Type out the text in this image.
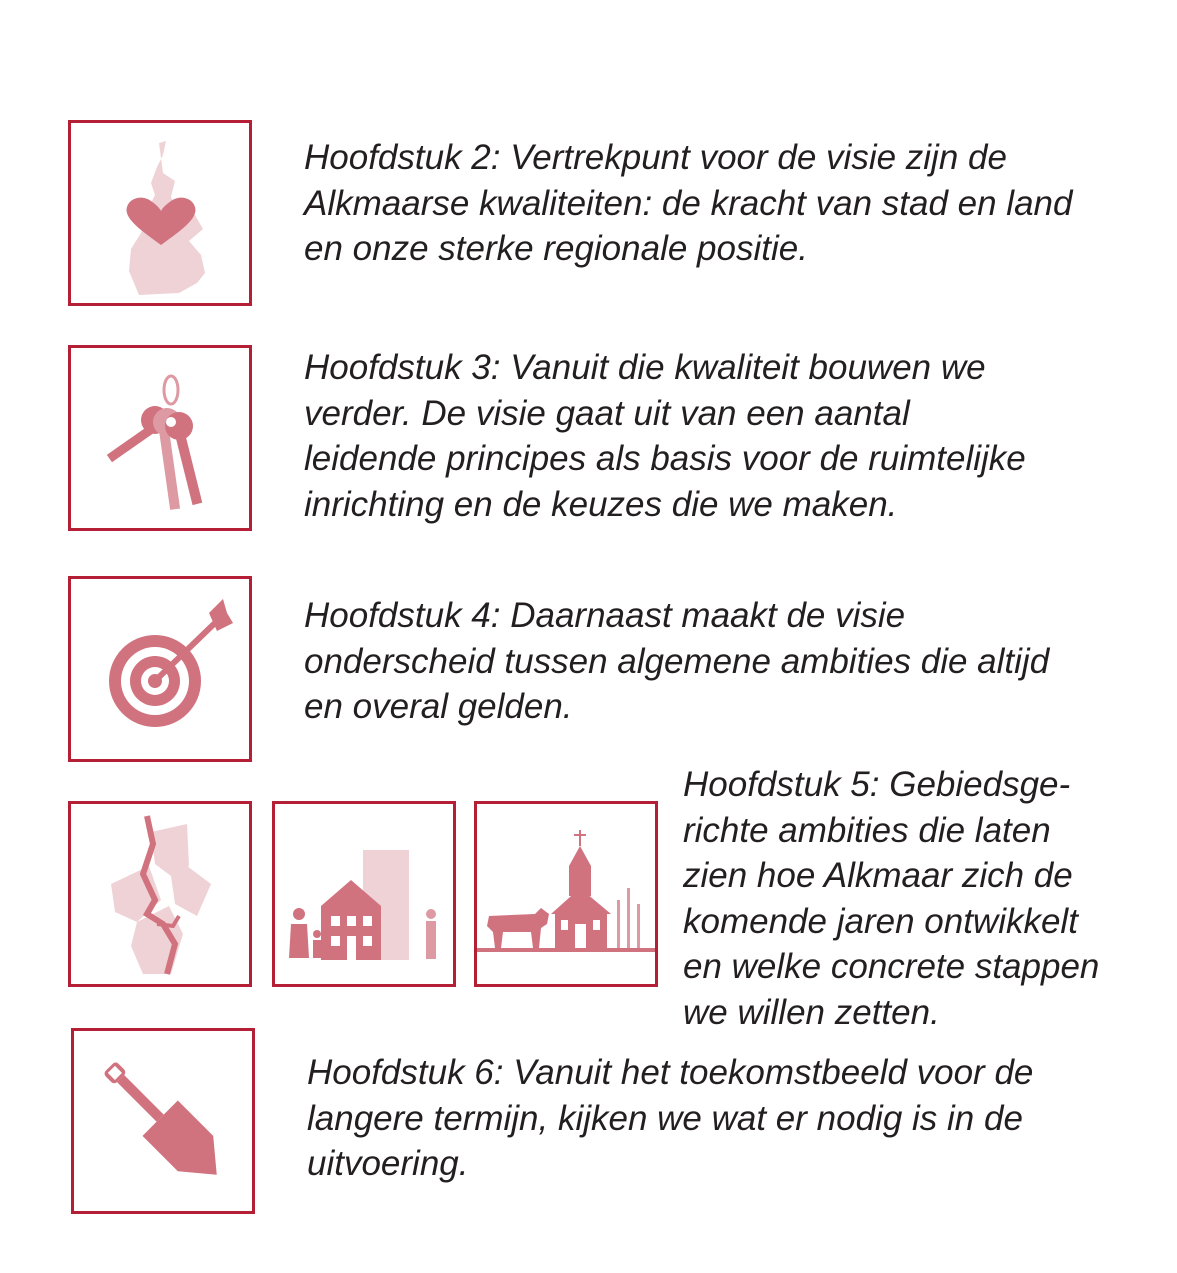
Hoofdstuk 2: Vertrekpunt voor de visie zijn de
Alkmaarse kwaliteiten: de kracht van stad en land
en onze sterke regionale positie.
Hoofdstuk 3: Vanuit die kwaliteit bouwen we
verder. De visie gaat uit van een aantal
leidende principes als basis voor de ruimtelijke
inrichting en de keuzes die we maken.
Hoofdstuk 4: Daarnaast maakt de visie
onderscheid tussen algemene ambities die altijd
en overal gelden.
Hoofdstuk 5: Gebiedsge-
richte ambities die laten
zien hoe Alkmaar zich de
komende jaren ontwikkelt
en welke concrete stappen
we willen zetten.
Hoofdstuk 6: Vanuit het toekomstbeeld voor de
langere termijn, kijken we wat er nodig is in de
uitvoering.
